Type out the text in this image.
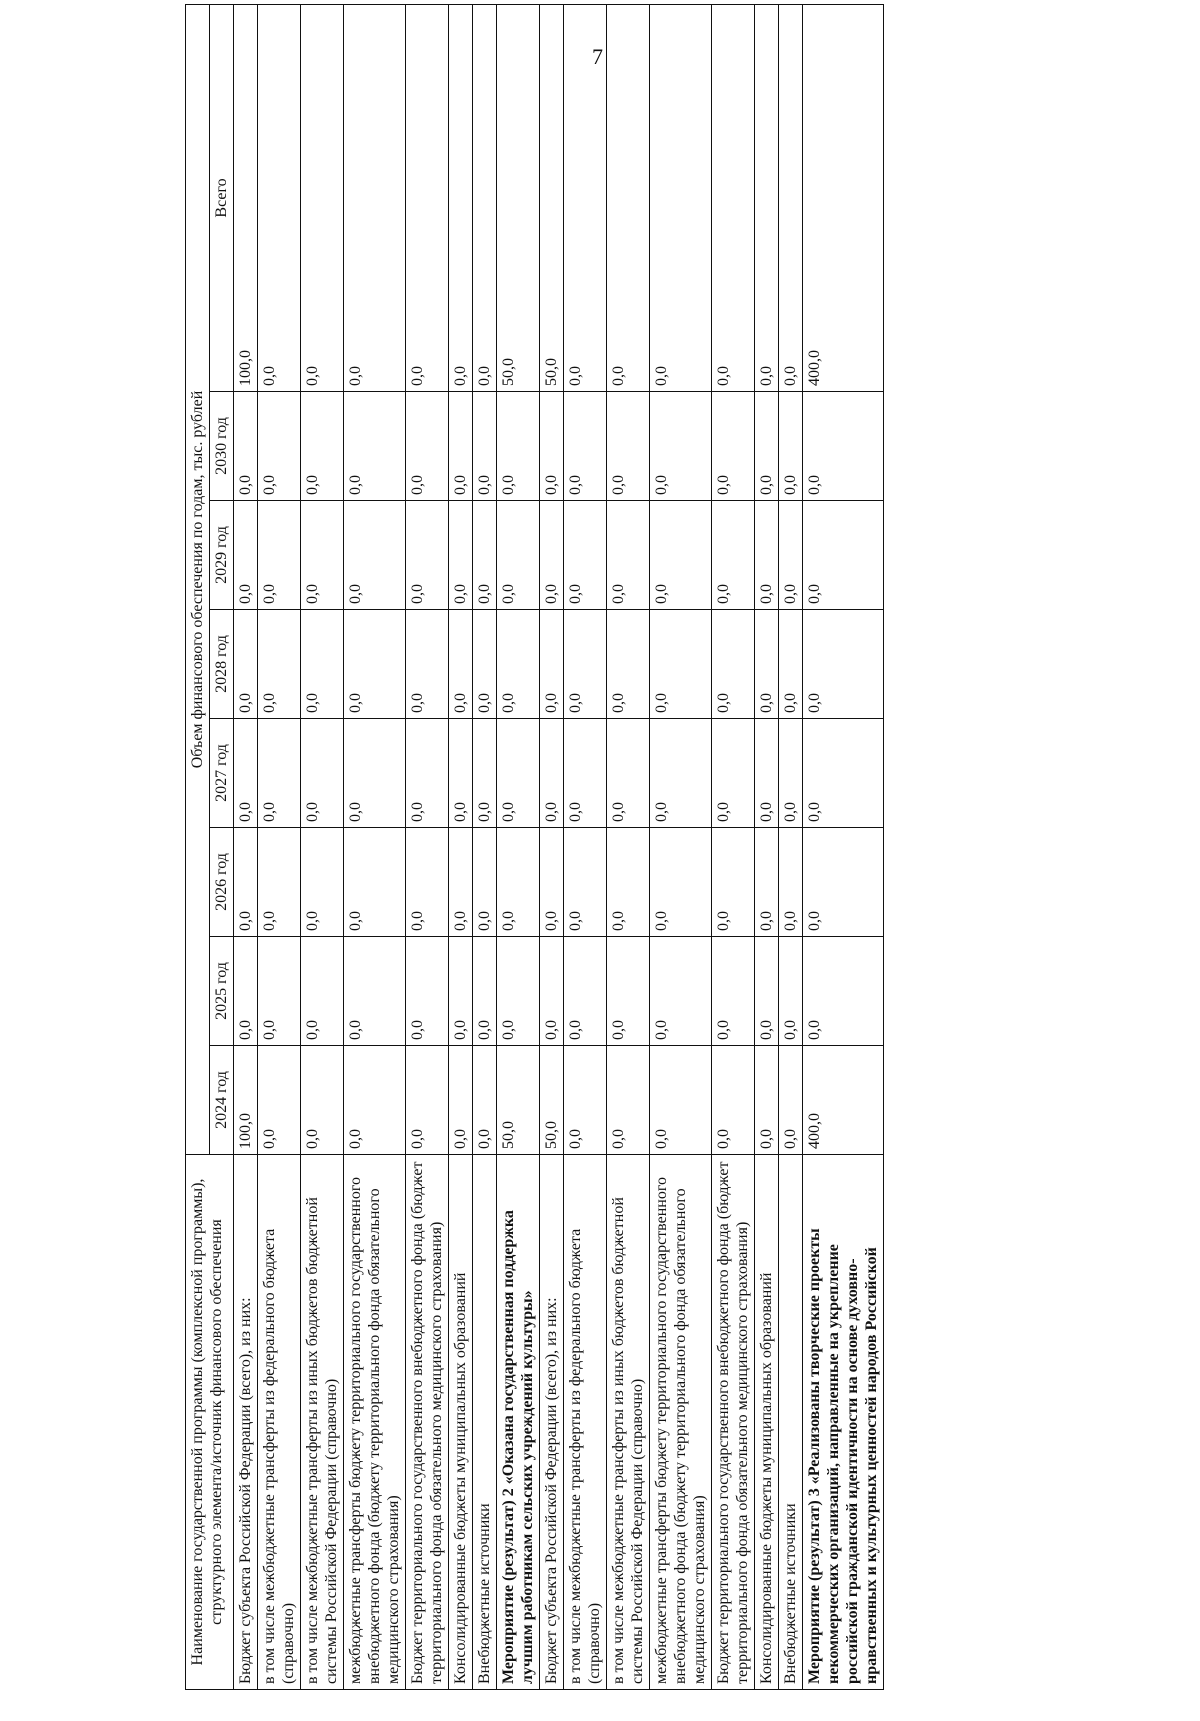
7
Наименование государственной программы (комплексной программы), структурного элемента/источник финансового обеспечения	Объем финансового обеспечения по годам, тыс. рублей							
	2024 год	2025 год	2026 год	2027 год	2028 год	2029 год	2030 год	Всего
Бюджет субъекта Российской Федерации (всего), из них:	100,0	0,0	0,0	0,0	0,0	0,0	0,0	100,0
в том числе межбюджетные трансферты из федерального бюджета (справочно)	0,0	0,0	0,0	0,0	0,0	0,0	0,0	0,0
в том числе межбюджетные трансферты из иных бюджетов бюджетной системы Российской Федерации (справочно)	0,0	0,0	0,0	0,0	0,0	0,0	0,0	0,0
межбюджетные трансферты бюджету территориального государственного внебюджетного фонда (бюджету территориального фонда обязательного медицинского страхования)	0,0	0,0	0,0	0,0	0,0	0,0	0,0	0,0
Бюджет территориального государственного внебюджетного фонда (бюджет территориального фонда обязательного медицинского страхования)	0,0	0,0	0,0	0,0	0,0	0,0	0,0	0,0
Консолидированные бюджеты муниципальных образований	0,0	0,0	0,0	0,0	0,0	0,0	0,0	0,0
Внебюджетные источники	0,0	0,0	0,0	0,0	0,0	0,0	0,0	0,0
Мероприятие (результат) 2 «Оказана государственная поддержка лучшим работникам сельских учреждений культуры»	50,0	0,0	0,0	0,0	0,0	0,0	0,0	50,0
Бюджет субъекта Российской Федерации (всего), из них:	50,0	0,0	0,0	0,0	0,0	0,0	0,0	50,0
в том числе межбюджетные трансферты из федерального бюджета (справочно)	0,0	0,0	0,0	0,0	0,0	0,0	0,0	0,0
в том числе межбюджетные трансферты из иных бюджетов бюджетной системы Российской Федерации (справочно)	0,0	0,0	0,0	0,0	0,0	0,0	0,0	0,0
межбюджетные трансферты бюджету территориального государственного внебюджетного фонда (бюджету территориального фонда обязательного медицинского страхования)	0,0	0,0	0,0	0,0	0,0	0,0	0,0	0,0
Бюджет территориального государственного внебюджетного фонда (бюджет территориального фонда обязательного медицинского страхования)	0,0	0,0	0,0	0,0	0,0	0,0	0,0	0,0
Консолидированные бюджеты муниципальных образований	0,0	0,0	0,0	0,0	0,0	0,0	0,0	0,0
Внебюджетные источники	0,0	0,0	0,0	0,0	0,0	0,0	0,0	0,0
Мероприятие (результат) 3 «Реализованы творческие проекты некоммерческих организаций, направленные на укрепление российской гражданской идентичности на основе духовно-нравственных и культурных ценностей народов Российской	400,0	0,0	0,0	0,0	0,0	0,0	0,0	400,0
